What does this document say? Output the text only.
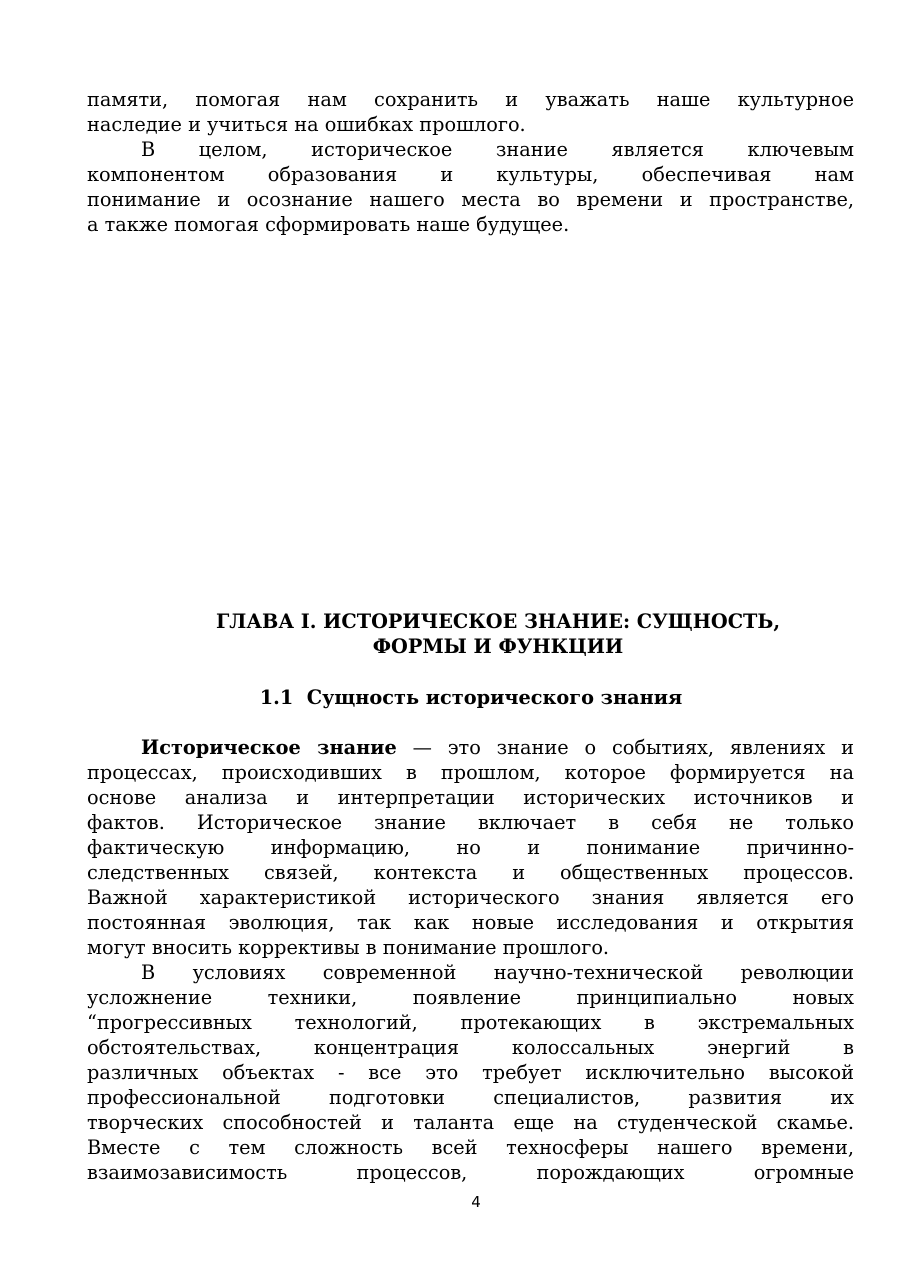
памяти, помогая нам сохранить и уважать наше культурное
наследие и учиться на ошибках прошлого.
В целом, историческое знание является ключевым
компонентом образования и культуры, обеспечивая нам
понимание и осознание нашего места во времени и пространстве,
а также помогая сформировать наше будущее.
ГЛАВА I. ИСТОРИЧЕСКОЕ ЗНАНИЕ: СУЩНОСТЬ,
ФОРМЫ И ФУНКЦИИ
1.1 Сущность исторического знания
Историческое знание — это знание о событиях, явлениях и
процессах, происходивших в прошлом, которое формируется на
основе анализа и интерпретации исторических источников и
фактов. Историческое знание включает в себя не только
фактическую информацию, но и понимание причинно-
следственных связей, контекста и общественных процессов.
Важной характеристикой исторического знания является его
постоянная эволюция, так как новые исследования и открытия
могут вносить коррективы в понимание прошлого.
В условиях современной научно-технической революции
усложнение техники, появление принципиально новых
“прогрессивных технологий, протекающих в экстремальных
обстоятельствах, концентрация колоссальных энергий в
различных объектах - все это требует исключительно высокой
профессиональной подготовки специалистов, развития их
творческих способностей и таланта еще на студенческой скамье.
Вместе с тем сложность всей техносферы нашего времени,
взаимозависимость процессов, порождающих огромные
4
